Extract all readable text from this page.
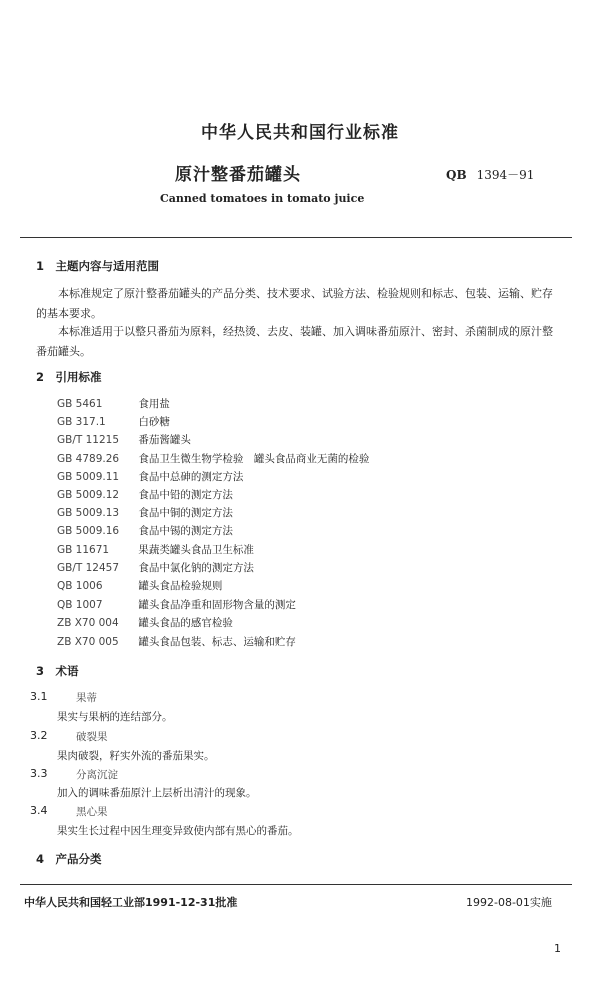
中华人民共和国行业标准
原汁整番茄罐头	QB 1394－91
Canned tomatoes in tomato juice
1　主题内容与适用范围
本标准规定了原汁整番茄罐头的产品分类、技术要求、试验方法、检验规则和标志、包装、运输、贮存的基本要求。
本标准适用于以整只番茄为原料，经热烫、去皮、装罐、加入调味番茄原汁、密封、杀菌制成的原汁整番茄罐头。
2　引用标准
GB 5461	食用盐
GB 317.1	白砂糖
GB/T 11215 番茄酱罐头
GB 4789.26 食品卫生微生物学检验　罐头食品商业无菌的检验
GB 5009.11 食品中总砷的测定方法
GB 5009.12 食品中铅的测定方法
GB 5009.13 食品中铜的测定方法
GB 5009.16 食品中锡的测定方法
GB 11671	果蔬类罐头食品卫生标准
GB/T 12457 食品中氯化钠的测定方法
QB 1006	罐头食品检验规则
QB 1007	罐头食品净重和固形物含量的测定
ZB X70 004 罐头食品的感官检验
ZB X70 005 罐头食品包装、标志、运输和贮存
3　术语
3.1	果蒂
果实与果柄的连结部分。
3.2	破裂果
果肉破裂，籽实外流的番茄果实。
3.3	分离沉淀
加入的调味番茄原汁上层析出清汁的现象。
3.4	黑心果
果实生长过程中因生理变异致使内部有黑心的番茄。
4　产品分类
中华人民共和国轻工业部1991-12-31批准	1992-08-01实施
1
